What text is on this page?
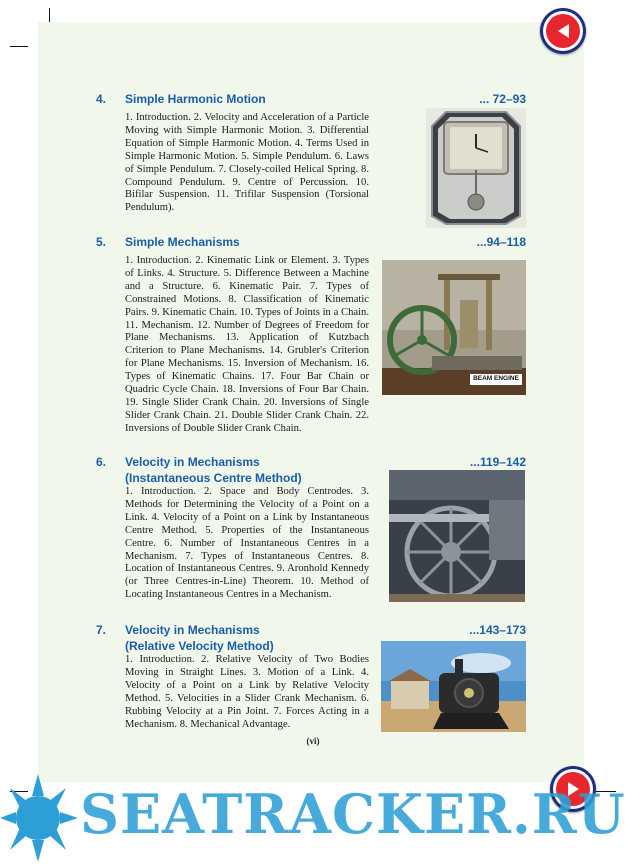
4. Simple Harmonic Motion	... 72–93
1. Introduction. 2. Velocity and Acceleration of a Particle Moving with Simple Harmonic Motion. 3. Differential Equation of Simple Harmonic Motion. 4. Terms Used in Simple Harmonic Motion. 5. Simple Pendulum. 6. Laws of Simple Pendulum. 7. Closely-coiled Helical Spring. 8. Compound Pendulum. 9. Centre of Percussion. 10. Bifilar Suspension. 11. Trifilar Suspension (Torsional Pendulum).
5. Simple Mechanisms	...94–118
1. Introduction. 2. Kinematic Link or Element. 3. Types of Links. 4. Structure. 5. Difference Between a Machine and a Structure. 6. Kinematic Pair. 7. Types of Constrained Motions. 8. Classification of Kinematic Pairs. 9. Kinematic Chain. 10. Types of Joints in a Chain. 11. Mechanism. 12. Number of Degrees of Freedom for Plane Mechanisms. 13. Application of Kutzbach Criterion to Plane Mechanisms. 14. Grubler's Criterion for Plane Mechanisms. 15. Inversion of Mechanism. 16. Types of Kinematic Chains. 17. Four Bar Chain or Quadric Cycle Chain. 18. Inversions of Four Bar Chain. 19. Single Slider Crank Chain. 20. Inversions of Single Slider Crank Chain. 21. Double Slider Crank Chain. 22. Inversions of Double Slider Crank Chain.
BEAM ENGINE
6. Velocity in Mechanisms
(Instantaneous Centre Method)
...119–142
1. Introduction. 2. Space and Body Centrodes. 3. Methods for Determining the Velocity of a Point on a Link. 4. Velocity of a Point on a Link by Instantaneous Centre Method. 5. Properties of the Instantaneous Centre. 6. Number of Instantaneous Centres in a Mechanism. 7. Types of Instantaneous Centres. 8. Location of Instantaneous Centres. 9. Aronhold Kennedy (or Three Centres-in-Line) Theorem. 10. Method of Locating Instantaneous Centres in a Mechanism.
7. Velocity in Mechanisms
(Relative Velocity Method)
...143–173
1. Introduction. 2. Relative Velocity of Two Bodies Moving in Straight Lines. 3. Motion of a Link. 4. Velocity of a Point on a Link by Relative Velocity Method. 5. Velocities in a Slider Crank Mechanism. 6. Rubbing Velocity at a Pin Joint. 7. Forces Acting in a Mechanism. 8. Mechanical Advantage.
(vi)
SEATRACKER.RU
